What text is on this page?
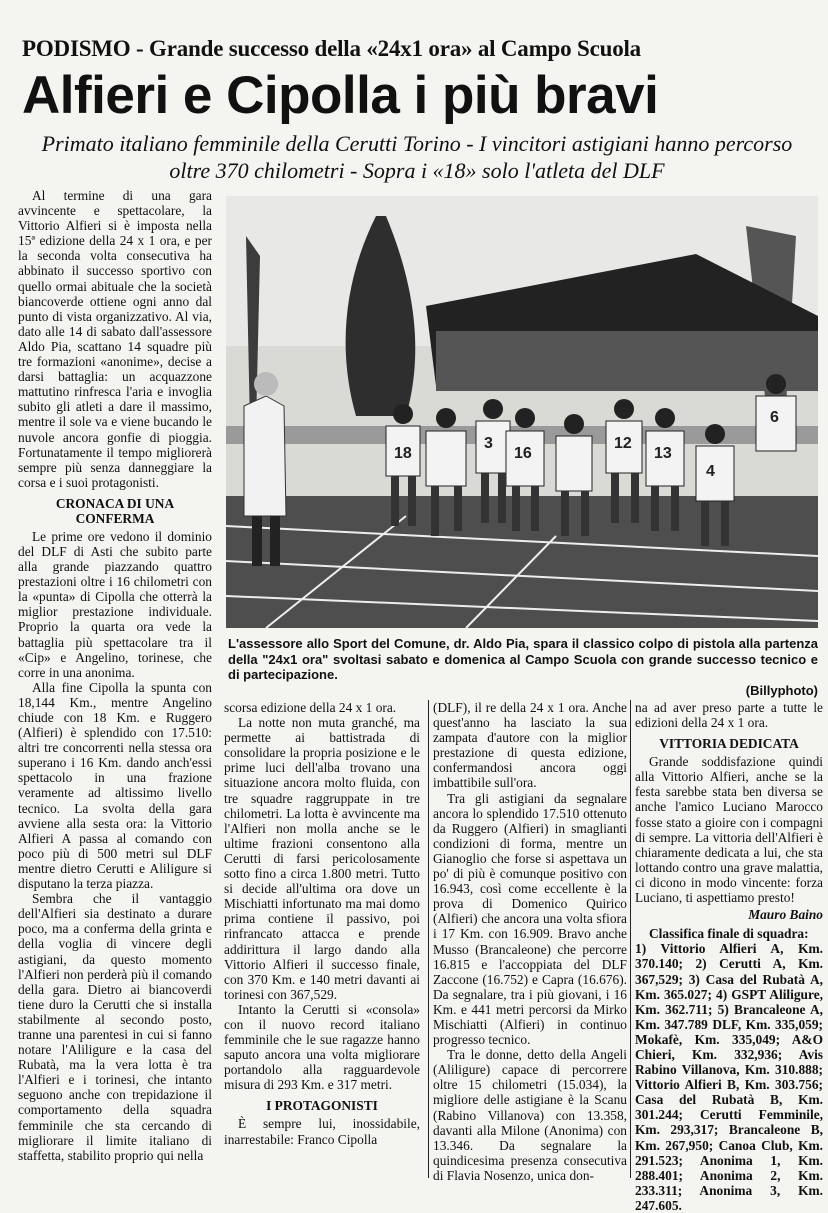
PODISMO - Grande successo della «24x1 ora» al Campo Scuola
Alfieri e Cipolla i più bravi
Primato italiano femminile della Cerutti Torino - I vincitori astigiani hanno percorso oltre 370 chilometri - Sopra i «18» solo l'atleta del DLF

Al termine di una gara avvincente e spettacolare, la Vittorio Alfieri si è imposta nella 15ª edizione della 24 x 1 ora, e per la seconda volta consecutiva ha abbinato il successo sportivo con quello ormai abituale che la società biancoverde ottiene ogni anno dal punto di vista organizzativo. Al via, dato alle 14 di sabato dall'assessore Aldo Pia, scattano 14 squadre più tre formazioni «anonime», decise a darsi battaglia: un acquazzone mattutino rinfresca l'aria e invoglia subito gli atleti a dare il massimo, mentre il sole va e viene bucando le nuvole ancora gonfie di pioggia. Fortunatamente il tempo migliorerà sempre più senza danneggiare la corsa e i suoi protagonisti.

CRONACA DI UNA CONFERMA

Le prime ore vedono il dominio del DLF di Asti che subito parte alla grande piazzando quattro prestazioni oltre i 16 chilometri con la «punta» di Cipolla che otterrà la miglior prestazione individuale. Proprio la quarta ora vede la battaglia più spettacolare tra il «Cip» e Angelino, torinese, che corre in una anonima.

Alla fine Cipolla la spunta con 18,144 Km., mentre Angelino chiude con 18 Km. e Ruggero (Alfieri) è splendido con 17.510: altri tre concorrenti nella stessa ora superano i 16 Km. dando anch'essi spettacolo in una frazione veramente ad altissimo livello tecnico. La svolta della gara avviene alla sesta ora: la Vittorio Alfieri A passa al comando con poco più di 500 metri sul DLF mentre dietro Cerutti e Aliligure si disputano la terza piazza.

Sembra che il vantaggio dell'Alfieri sia destinato a durare poco, ma a conferma della grinta e della voglia di vincere degli astigiani, da questo momento l'Alfieri non perderà più il comando della gara. Dietro ai biancoverdi tiene duro la Cerutti che si installa stabilmente al secondo posto, tranne una parentesi in cui si fanno notare l'Aliligure e la casa del Rubatà, ma la vera lotta è tra l'Alfieri e i torinesi, che intanto seguono anche con trepidazione il comportamento della squadra femminile che sta cercando di migliorare il limite italiano di staffetta, stabilito proprio qui nella

18
3
16
12
13
6
4
L'assessore allo Sport del Comune, dr. Aldo Pia, spara il classico colpo di pistola alla partenza della "24x1 ora" svoltasi sabato e domenica al Campo Scuola con grande successo tecnico e di partecipazione.
(Billyphoto)

scorsa edizione della 24 x 1 ora.

La notte non muta granché, ma permette ai battistrada di consolidare la propria posizione e le prime luci dell'alba trovano una situazione ancora molto fluida, con tre squadre raggruppate in tre chilometri. La lotta è avvincente ma l'Alfieri non molla anche se le ultime frazioni consentono alla Cerutti di farsi pericolosamente sotto fino a circa 1.800 metri. Tutto si decide all'ultima ora dove un Mischiatti infortunato ma mai domo prima contiene il passivo, poi rinfrancato attacca e prende addirittura il largo dando alla Vittorio Alfieri il successo finale, con 370 Km. e 140 metri davanti ai torinesi con 367,529.

Intanto la Cerutti si «consola» con il nuovo record italiano femminile che le sue ragazze hanno saputo ancora una volta migliorare portandolo alla ragguardevole misura di 293 Km. e 317 metri.

I PROTAGONISTI

È sempre lui, inossidabile, inarrestabile: Franco Cipolla

(DLF), il re della 24 x 1 ora. Anche quest'anno ha lasciato la sua zampata d'autore con la miglior prestazione di questa edizione, confermandosi ancora oggi imbattibile sull'ora.

Tra gli astigiani da segnalare ancora lo splendido 17.510 ottenuto da Ruggero (Alfieri) in smaglianti condizioni di forma, mentre un Gianoglio che forse si aspettava un po' di più è comunque positivo con 16.943, così come eccellente è la prova di Domenico Quirico (Alfieri) che ancora una volta sfiora i 17 Km. con 16.909. Bravo anche Musso (Brancaleone) che percorre 16.815 e l'accoppiata del DLF Zaccone (16.752) e Capra (16.676). Da segnalare, tra i più giovani, i 16 Km. e 441 metri percorsi da Mirko Mischiatti (Alfieri) in continuo progresso tecnico.

Tra le donne, detto della Angeli (Aliligure) capace di percorrere oltre 15 chilometri (15.034), la migliore delle astigiane è la Scanu (Rabino Villanova) con 13.358, davanti alla Milone (Anonima) con 13.346. Da segnalare la quindicesima presenza consecutiva di Flavia Nosenzo, unica don-

na ad aver preso parte a tutte le edizioni della 24 x 1 ora.

VITTORIA DEDICATA

Grande soddisfazione quindi alla Vittorio Alfieri, anche se la festa sarebbe stata ben diversa se anche l'amico Luciano Marocco fosse stato a gioire con i compagni di sempre. La vittoria dell'Alfieri è chiaramente dedicata a lui, che sta lottando contro una grave malattia, ci dicono in modo vincente: forza Luciano, ti aspettiamo presto!

Mauro Baino

Classifica finale di squadra:

1) Vittorio Alfieri A, Km. 370.140; 2) Cerutti A, Km. 367,529; 3) Casa del Rubatà A, Km. 365.027; 4) GSPT Aliligure, Km. 362.711; 5) Brancaleone A, Km. 347.789 DLF, Km. 335,059; Mokafè, Km. 335,049; A&O Chieri, Km. 332,936; Avis Rabino Villanova, Km. 310.888; Vittorio Alfieri B, Km. 303.756; Casa del Rubatà B, Km. 301.244; Cerutti Femminile, Km. 293,317; Brancaleone B, Km. 267,950; Canoa Club, Km. 291.523; Anonima 1, Km. 288.401; Anonima 2, Km. 233.311; Anonima 3, Km. 247.605.
